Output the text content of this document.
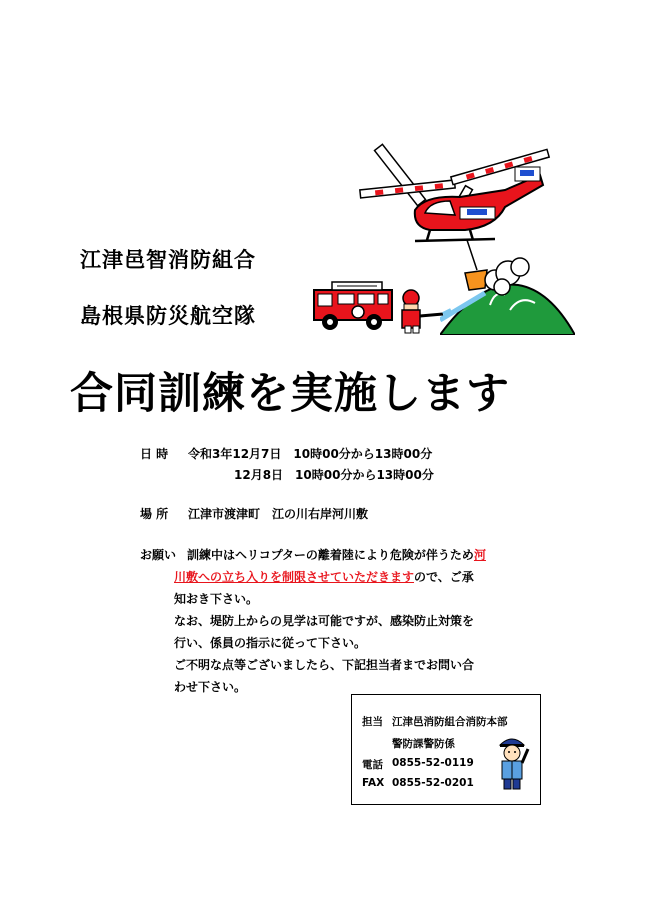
江津邑智消防組合
島根県防災航空隊
合同訓練を実施します
日 時 令和3年12月7日　10時00分から13時00分
12月8日　10時00分から13時00分
場 所 江津市渡津町　江の川右岸河川敷
お願い 訓練中はヘリコプターの離着陸により危険が伴うため河
川敷への立ち入りを制限させていただきますので、ご承
知おき下さい。
なお、堤防上からの見学は可能ですが、感染防止対策を
行い、係員の指示に従って下さい。
ご不明な点等ございましたら、下記担当者までお問い合
わせ下さい。
担当 江津邑消防組合消防本部
警防課警防係
電話 0855-52-0119
FAX 0855-52-0201
